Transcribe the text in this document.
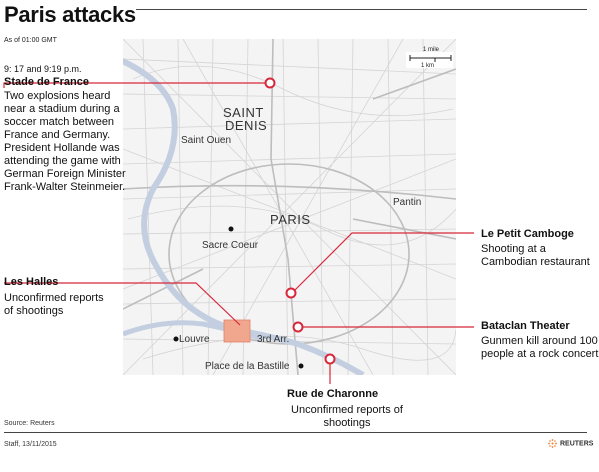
Paris attacks
As of 01:00 GMT
1 mile
1 km
SAINT
DENIS
Saint Ouen
PARIS
Pantin
Sacre Coeur
Louvre	3rd Arr.
Place de la Bastille
9: 17 and 9:19 p.m.
Stade de France
Two explosions heard near a stadium during a soccer match between France and Germany. President Hollande was attending the game with German Foreign Minister Frank-Walter Steinmeier.
Les Halles
Unconfirmed reports of shootings
Le Petit Camboge
Shooting at a Cambodian restaurant
Bataclan Theater
Gunmen kill around 100 people at a rock concert
Rue de Charonne
Unconfirmed reports of shootings
Source: Reuters
Staff, 13/11/2015	REUTERS
